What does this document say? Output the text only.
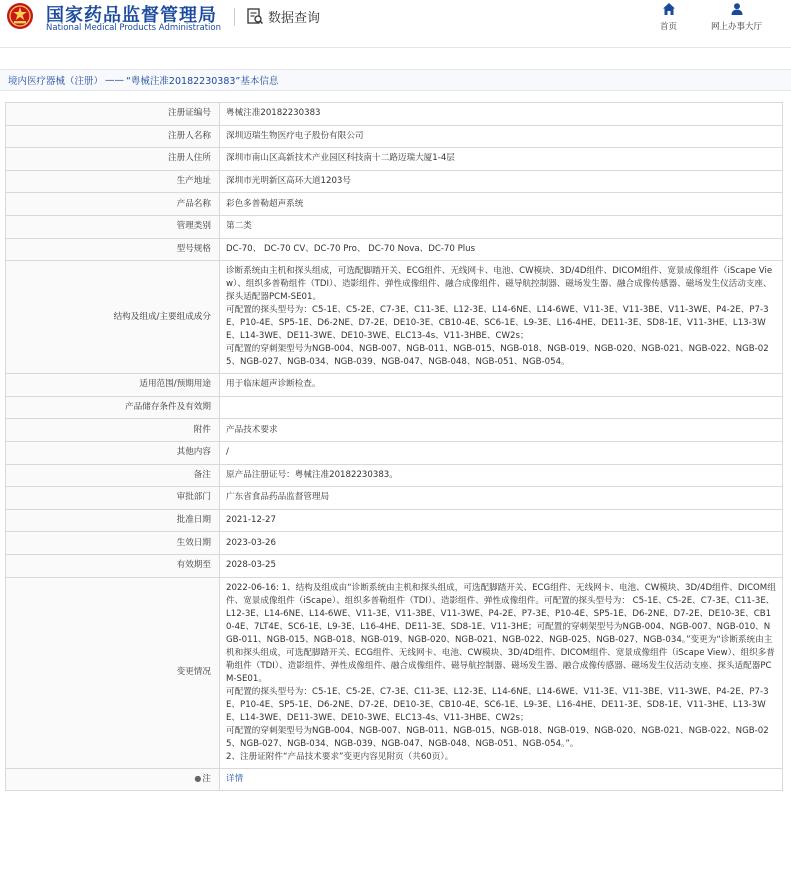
国家药品监督管理局
National Medical Products Administration
数据查询
首页	网上办事大厅
境内医疗器械（注册） —— “粤械注准20182230383”基本信息
注册证编号	粤械注准20182230383
注册人名称	深圳迈瑞生物医疗电子股份有限公司
注册人住所	深圳市南山区高新技术产业园区科技南十二路迈瑞大厦1-4层
生产地址	深圳市光明新区高环大道1203号
产品名称	彩色多普勒超声系统
管理类别	第二类
型号规格	DC-70、 DC-70 CV、DC-70 Pro、 DC-70 Nova、DC-70 Plus
结构及组成/主要组成成分	诊断系统由主机和探头组成，可选配脚踏开关、ECG组件、无线网卡、电池、CW模块、3D/4D组件、DICOM组件、宽景成像组件（iScape View）、组织多普勒组件（TDI）、造影组件、弹性成像组件、融合成像组件、磁导航控制器、磁场发生器、融合成像传感器、磁场发生仪活动支座、探头适配器PCM-SE01。
可配置的探头型号为：C5-1E、C5-2E、C7-3E、C11-3E、L12-3E、L14-6NE、L14-6WE、V11-3E、V11-3BE、V11-3WE、P4-2E、P7-3E、P10-4E、SP5-1E、D6-2NE、D7-2E、DE10-3E、CB10-4E、SC6-1E、L9-3E、L16-4HE、DE11-3E、SD8-1E、V11-3HE、L13-3WE、L14-3WE、DE11-3WE、DE10-3WE、ELC13-4s、V11-3HBE、CW2s；
可配置的穿刺架型号为NGB-004、NGB-007、NGB-011、NGB-015、NGB-018、NGB-019、NGB-020、NGB-021、NGB-022、NGB-025、NGB-027、NGB-034、NGB-039、NGB-047、NGB-048、NGB-051、NGB-054。
适用范围/预期用途	用于临床超声诊断检查。
产品储存条件及有效期	
附件	产品技术要求
其他内容	/
备注	原产品注册证号：粤械注准20182230383。
审批部门	广东省食品药品监督管理局
批准日期	2021-12-27
生效日期	2023-03-26
有效期至	2028-03-25
变更情况	2022-06-16: 1、结构及组成由“诊断系统由主机和探头组成，可选配脚踏开关、ECG组件、无线网卡、电池、CW模块、3D/4D组件、DICOM组件、宽景成像组件（iScape）、组织多普勒组件（TDI）、造影组件、弹性成像组件。可配置的探头型号为： C5-1E、C5-2E、C7-3E、C11-3E、L12-3E、L14-6NE、L14-6WE、V11-3E、V11-3BE、V11-3WE、P4-2E、P7-3E、P10-4E、SP5-1E、D6-2NE、D7-2E、DE10-3E、CB10-4E、7LT4E、SC6-1E、L9-3E、L16-4HE、DE11-3E、SD8-1E、V11-3HE；可配置的穿刺架型号为NGB-004、NGB-007、NGB-010、NGB-011、NGB-015、NGB-018、NGB-019、NGB-020、NGB-021、NGB-022、NGB-025、NGB-027、NGB-034。”变更为“诊断系统由主机和探头组成，可选配脚踏开关、ECG组件、无线网卡、电池、CW模块、3D/4D组件、DICOM组件、宽景成像组件（iScape View）、组织多普勒组件（TDI）、造影组件、弹性成像组件、融合成像组件、磁导航控制器、磁场发生器、融合成像传感器、磁场发生仪活动支座、探头适配器PCM-SE01。
可配置的探头型号为：C5-1E、C5-2E、C7-3E、C11-3E、L12-3E、L14-6NE、L14-6WE、V11-3E、V11-3BE、V11-3WE、P4-2E、P7-3E、P10-4E、SP5-1E、D6-2NE、D7-2E、DE10-3E、CB10-4E、SC6-1E、L9-3E、L16-4HE、DE11-3E、SD8-1E、V11-3HE、L13-3WE、L14-3WE、DE11-3WE、DE10-3WE、ELC13-4s、V11-3HBE、CW2s；
可配置的穿刺架型号为NGB-004、NGB-007、NGB-011、NGB-015、NGB-018、NGB-019、NGB-020、NGB-021、NGB-022、NGB-025、NGB-027、NGB-034、NGB-039、NGB-047、NGB-048、NGB-051、NGB-054。”。
2、注册证附件“产品技术要求”变更内容见附页（共60页）。
●注	详情
